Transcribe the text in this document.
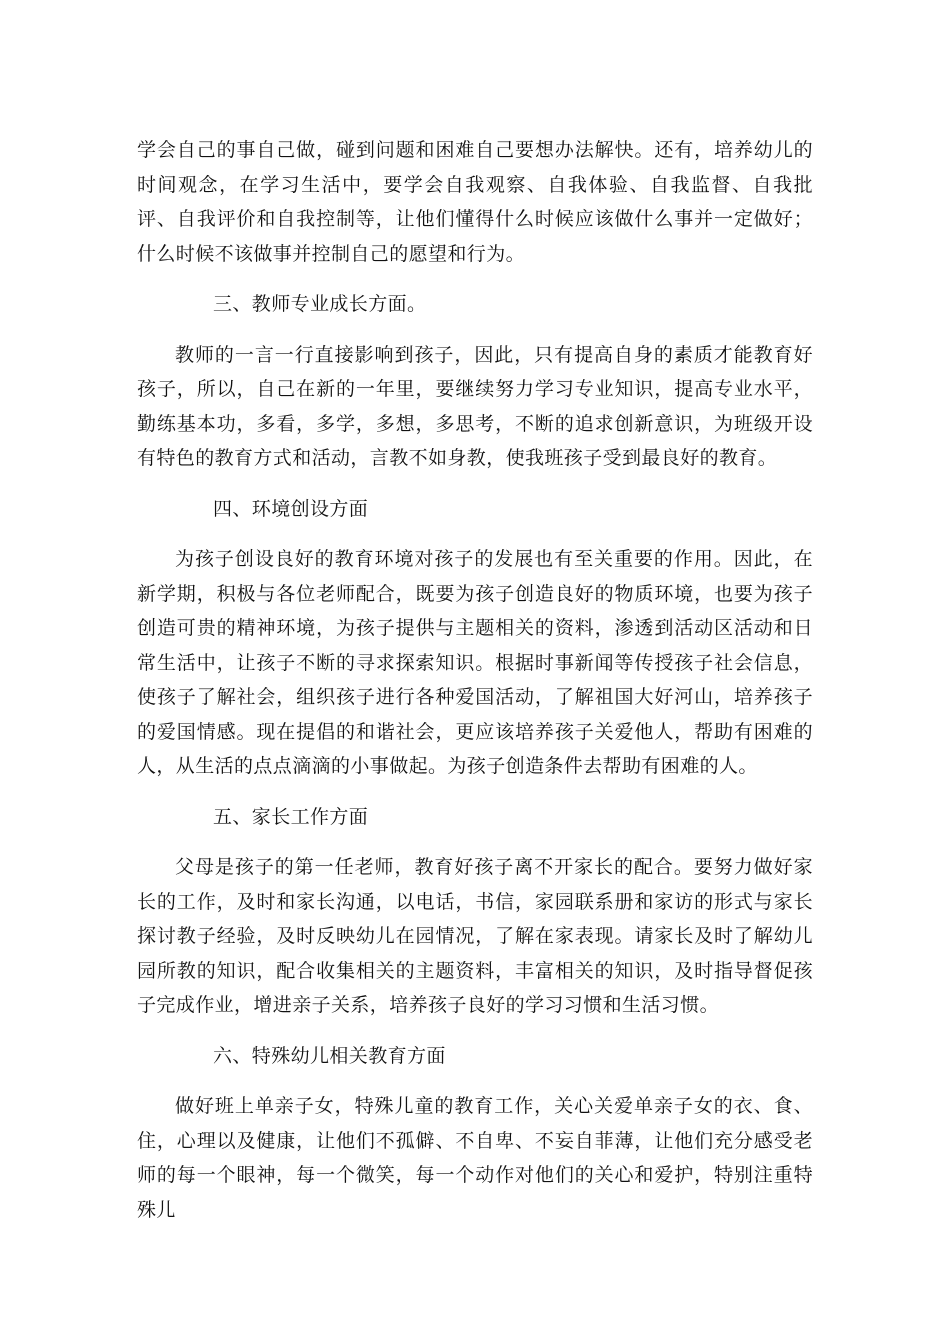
学会自己的事自己做，碰到问题和困难自己要想办法解快。还有，培养幼儿的时间观念，在学习生活中，要学会自我观察、自我体验、自我监督、自我批评、自我评价和自我控制等，让他们懂得什么时候应该做什么事并一定做好；什么时候不该做事并控制自己的愿望和行为。

三、教师专业成长方面。

教师的一言一行直接影响到孩子，因此，只有提高自身的素质才能教育好孩子，所以，自己在新的一年里，要继续努力学习专业知识，提高专业水平，勤练基本功，多看，多学，多想，多思考，不断的追求创新意识，为班级开设有特色的教育方式和活动，言教不如身教，使我班孩子受到最良好的教育。

四、环境创设方面

为孩子创设良好的教育环境对孩子的发展也有至关重要的作用。因此，在新学期，积极与各位老师配合，既要为孩子创造良好的物质环境，也要为孩子创造可贵的精神环境，为孩子提供与主题相关的资料，渗透到活动区活动和日常生活中，让孩子不断的寻求探索知识。根据时事新闻等传授孩子社会信息，使孩子了解社会，组织孩子进行各种爱国活动，了解祖国大好河山，培养孩子的爱国情感。现在提倡的和谐社会，更应该培养孩子关爱他人，帮助有困难的人，从生活的点点滴滴的小事做起。为孩子创造条件去帮助有困难的人。

五、家长工作方面

父母是孩子的第一任老师，教育好孩子离不开家长的配合。要努力做好家长的工作，及时和家长沟通，以电话，书信，家园联系册和家访的形式与家长探讨教子经验，及时反映幼儿在园情况，了解在家表现。请家长及时了解幼儿园所教的知识，配合收集相关的主题资料，丰富相关的知识，及时指导督促孩子完成作业，增进亲子关系，培养孩子良好的学习习惯和生活习惯。

六、特殊幼儿相关教育方面

做好班上单亲子女，特殊儿童的教育工作，关心关爱单亲子女的衣、食、住，心理以及健康，让他们不孤僻、不自卑、不妄自菲薄，让他们充分感受老师的每一个眼神，每一个微笑，每一个动作对他们的关心和爱护，特别注重特殊儿
